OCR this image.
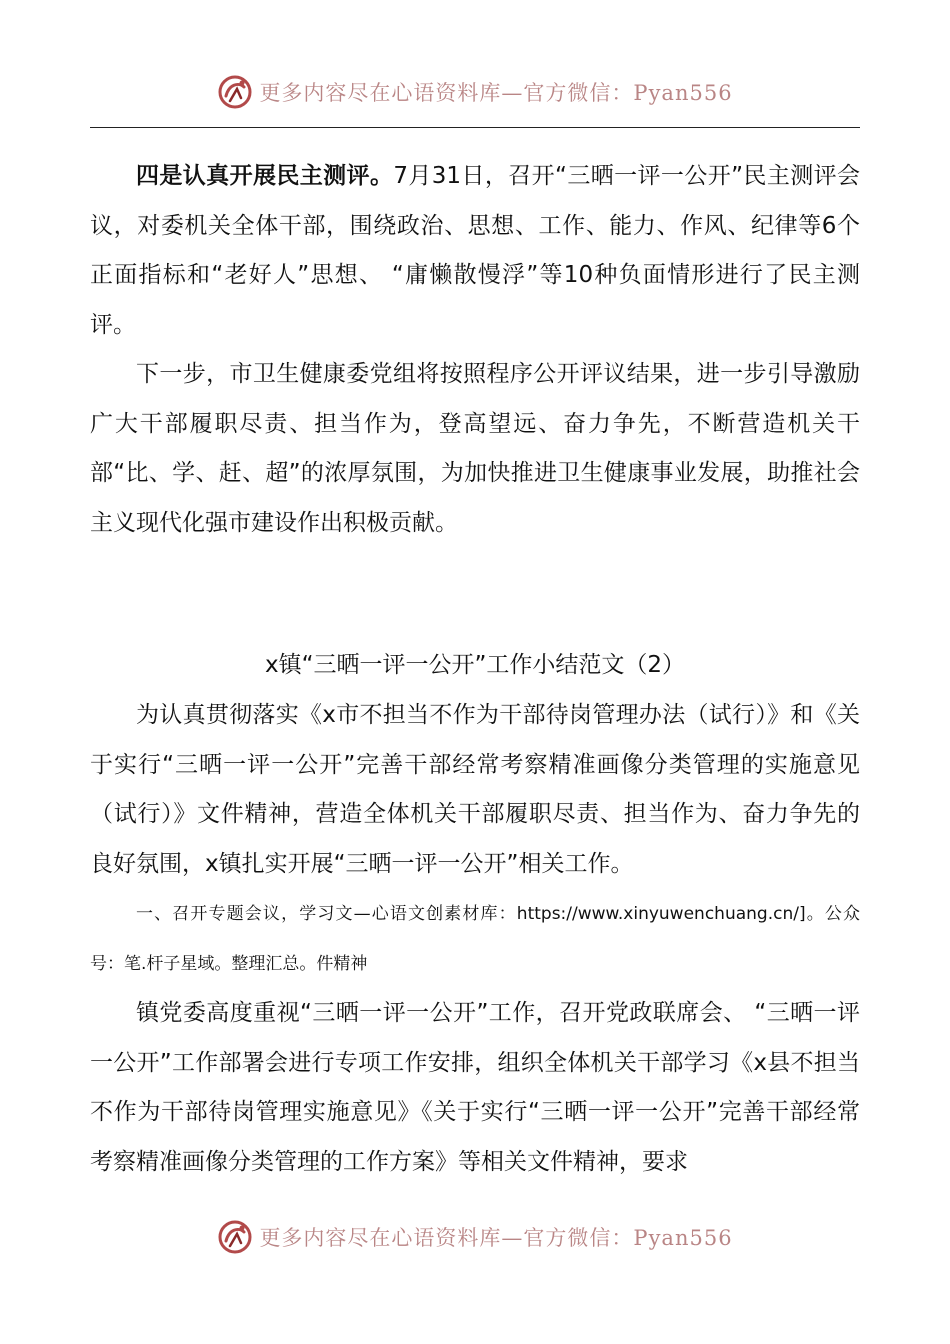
更多内容尽在心语资料库—官方微信：Pyan556

四是认真开展民主测评。7月31日，召开“三晒一评一公开”民主测评会议，对委机关全体干部，围绕政治、思想、工作、能力、作风、纪律等6个正面指标和“老好人”思想、 “庸懒散慢浮”等10种负面情形进行了民主测评。

下一步，市卫生健康委党组将按照程序公开评议结果，进一步引导激励广大干部履职尽责、担当作为，登高望远、奋力争先，不断营造机关干部“比、学、赶、超”的浓厚氛围，为加快推进卫生健康事业发展，助推社会主义现代化强市建设作出积极贡献。

x镇“三晒一评一公开”工作小结范文（2）

为认真贯彻落实《x市不担当不作为干部待岗管理办法（试行）》和《关于实行“三晒一评一公开”完善干部经常考察精准画像分类管理的实施意见（试行）》文件精神，营造全体机关干部履职尽责、担当作为、奋力争先的良好氛围，x镇扎实开展“三晒一评一公开”相关工作。

一、召开专题会议，学习文—心语文创素材库：https://www.xinyuwenchuang.cn/]。公众号：笔.杆子星域。整理汇总。件精神

镇党委高度重视“三晒一评一公开”工作，召开党政联席会、 “三晒一评一公开”工作部署会进行专项工作安排，组织全体机关干部学习《x县不担当不作为干部待岗管理实施意见》《关于实行“三晒一评一公开”完善干部经常考察精准画像分类管理的工作方案》等相关文件精神，要求

更多内容尽在心语资料库—官方微信：Pyan556
